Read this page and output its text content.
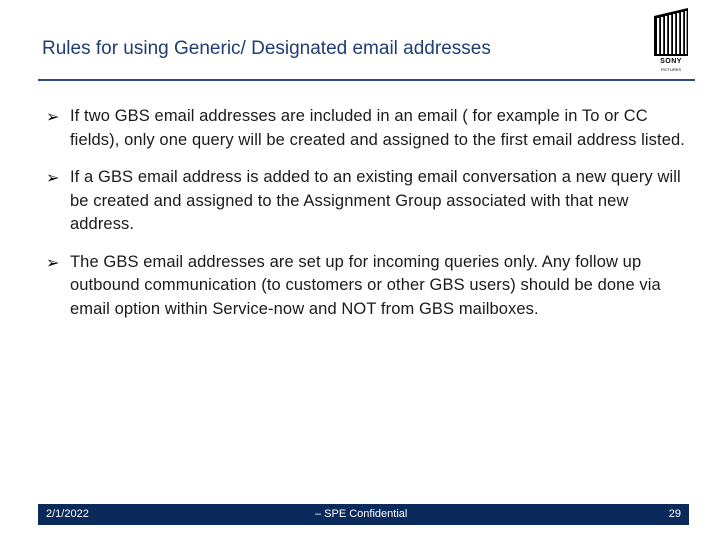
Rules for using Generic/ Designated email addresses
SONY
PICTURES
➢ If two GBS email addresses are included in an email ( for example in To or CC fields), only one query will be created and assigned to the first email address listed.
➢ If a GBS email address is added to an existing email conversation a new query will be created and assigned to the Assignment Group associated with that new address.
➢ The GBS email addresses are set up for incoming queries only. Any follow up outbound communication (to customers or other GBS users) should be done via email option within Service-now and NOT from GBS mailboxes.
2/1/2022	– SPE Confidential	29
